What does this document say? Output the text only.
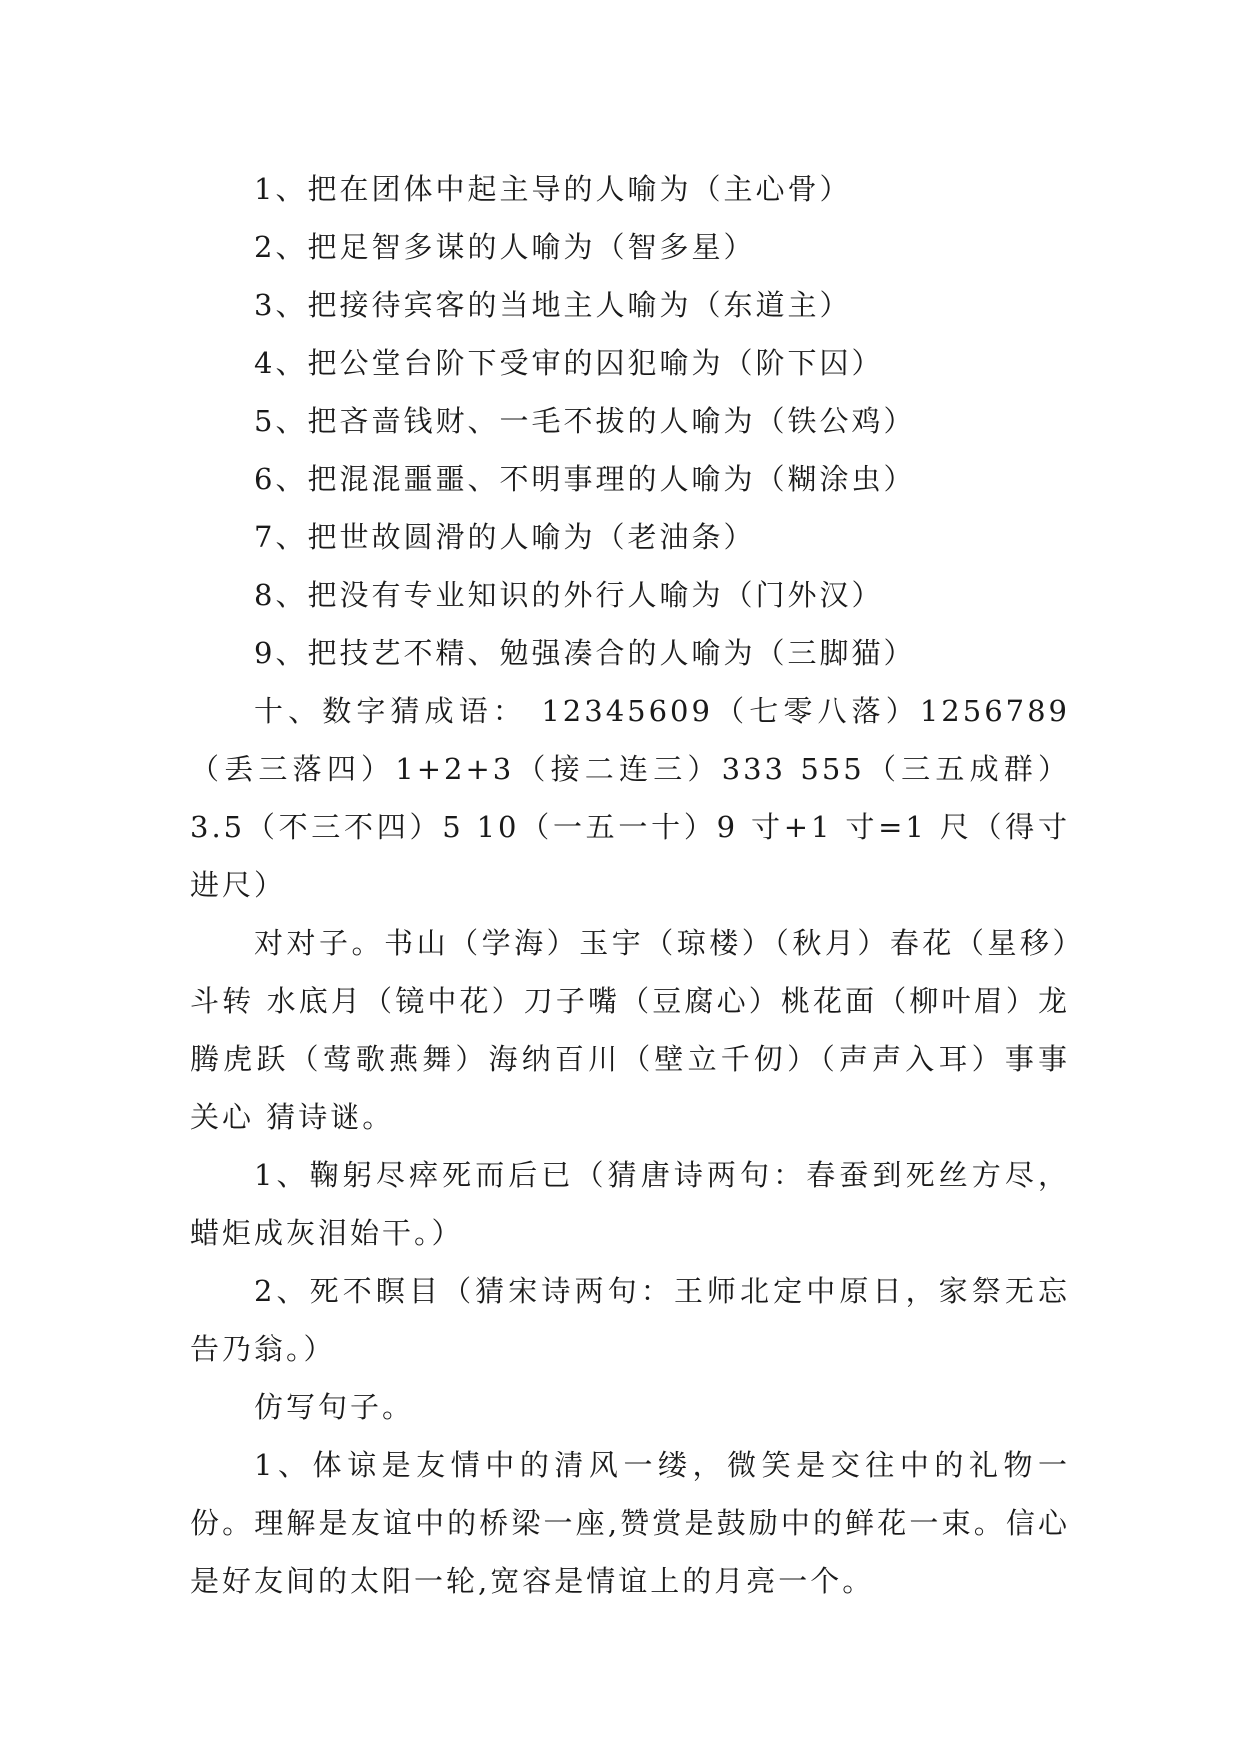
1、把在团体中起主导的人喻为（主心骨）

2、把足智多谋的人喻为（智多星）

3、把接待宾客的当地主人喻为（东道主）

4、把公堂台阶下受审的囚犯喻为（阶下囚）

5、把吝啬钱财、一毛不拔的人喻为（铁公鸡）

6、把混混噩噩、不明事理的人喻为（糊涂虫）

7、把世故圆滑的人喻为（老油条）

8、把没有专业知识的外行人喻为（门外汉）

9、把技艺不精、勉强凑合的人喻为（三脚猫）

十、数字猜成语： 12345609（七零八落）1256789（丢三落四）1+2+3（接二连三）333 555（三五成群）3.5（不三不四）5 10（一五一十）9 寸+1 寸=1 尺（得寸进尺）

对对子。书山（学海）玉宇（琼楼）（秋月）春花（星移）斗转 水底月（镜中花）刀子嘴（豆腐心）桃花面（柳叶眉）龙腾虎跃（莺歌燕舞）海纳百川（壁立千仞）（声声入耳）事事关心 猜诗谜。

1、鞠躬尽瘁死而后已（猜唐诗两句：春蚕到死丝方尽，蜡炬成灰泪始干。）

2、死不瞑目（猜宋诗两句：王师北定中原日，家祭无忘告乃翁。）

仿写句子。

1、体谅是友情中的清风一缕，微笑是交往中的礼物一份。理解是友谊中的桥梁一座,赞赏是鼓励中的鲜花一束。信心是好友间的太阳一轮,宽容是情谊上的月亮一个。
